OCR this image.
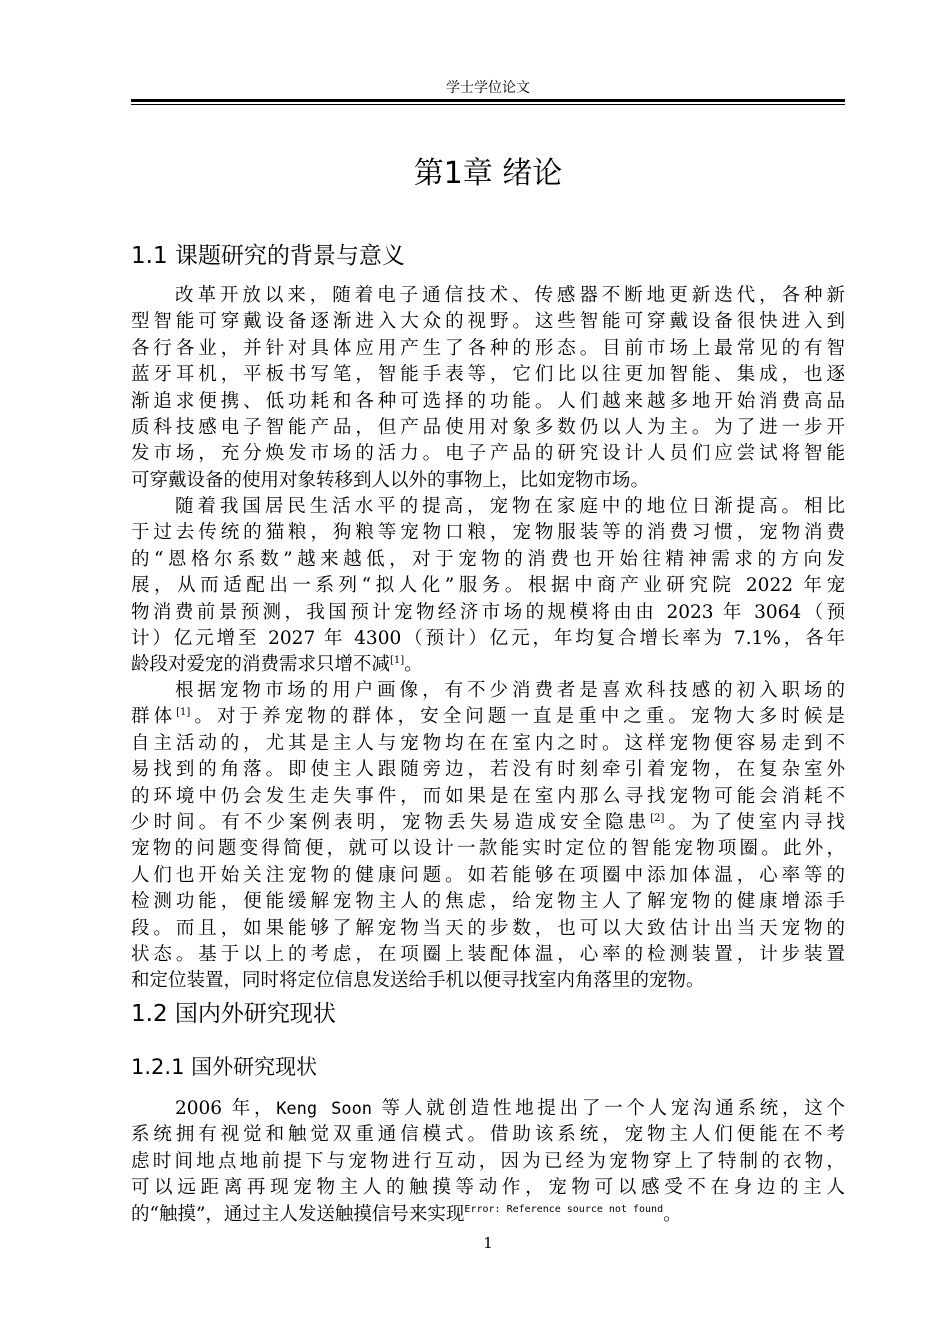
学士学位论文
第1章 绪论
1.1 课题研究的背景与意义
改革开放以来，随着电子通信技术、传感器不断地更新迭代，各种新
型智能可穿戴设备逐渐进入大众的视野。这些智能可穿戴设备很快进入到
各行各业，并针对具体应用产生了各种的形态。目前市场上最常见的有智
蓝牙耳机，平板书写笔，智能手表等，它们比以往更加智能、集成，也逐
渐追求便携、低功耗和各种可选择的功能。人们越来越多地开始消费高品
质科技感电子智能产品，但产品使用对象多数仍以人为主。为了进一步开
发市场，充分焕发市场的活力。电子产品的研究设计人员们应尝试将智能
可穿戴设备的使用对象转移到人以外的事物上，比如宠物市场。
随着我国居民生活水平的提高，宠物在家庭中的地位日渐提高。相比
于过去传统的猫粮，狗粮等宠物口粮，宠物服装等的消费习惯，宠物消费
的“恩格尔系数”越来越低，对于宠物的消费也开始往精神需求的方向发
展，从而适配出一系列“拟人化”服务。根据中商产业研究院 2022 年宠
物消费前景预测，我国预计宠物经济市场的规模将由由 2023 年 3064（预
计）亿元增至 2027 年 4300（预计）亿元，年均复合增长率为 7.1%，各年
龄段对爱宠的消费需求只增不减[1]。
根据宠物市场的用户画像，有不少消费者是喜欢科技感的初入职场的
群体[1]。对于养宠物的群体，安全问题一直是重中之重。宠物大多时候是
自主活动的，尤其是主人与宠物均在在室内之时。这样宠物便容易走到不
易找到的角落。即使主人跟随旁边，若没有时刻牵引着宠物，在复杂室外
的环境中仍会发生走失事件，而如果是在室内那么寻找宠物可能会消耗不
少时间。有不少案例表明，宠物丢失易造成安全隐患[2]。为了使室内寻找
宠物的问题变得简便，就可以设计一款能实时定位的智能宠物项圈。此外，
人们也开始关注宠物的健康问题。如若能够在项圈中添加体温，心率等的
检测功能，便能缓解宠物主人的焦虑，给宠物主人了解宠物的健康增添手
段。而且，如果能够了解宠物当天的步数，也可以大致估计出当天宠物的
状态。基于以上的考虑，在项圈上装配体温，心率的检测装置，计步装置
和定位装置，同时将定位信息发送给手机以便寻找室内角落里的宠物。
1.2 国内外研究现状
1.2.1 国外研究现状
2006 年，Keng Soon 等人就创造性地提出了一个人宠沟通系统，这个
系统拥有视觉和触觉双重通信模式。借助该系统，宠物主人们便能在不考
虑时间地点地前提下与宠物进行互动，因为已经为宠物穿上了特制的衣物，
可以远距离再现宠物主人的触摸等动作，宠物可以感受不在身边的主人
的“触摸”，通过主人发送触摸信号来实现$^{Error: Reference source not found}$。
1
